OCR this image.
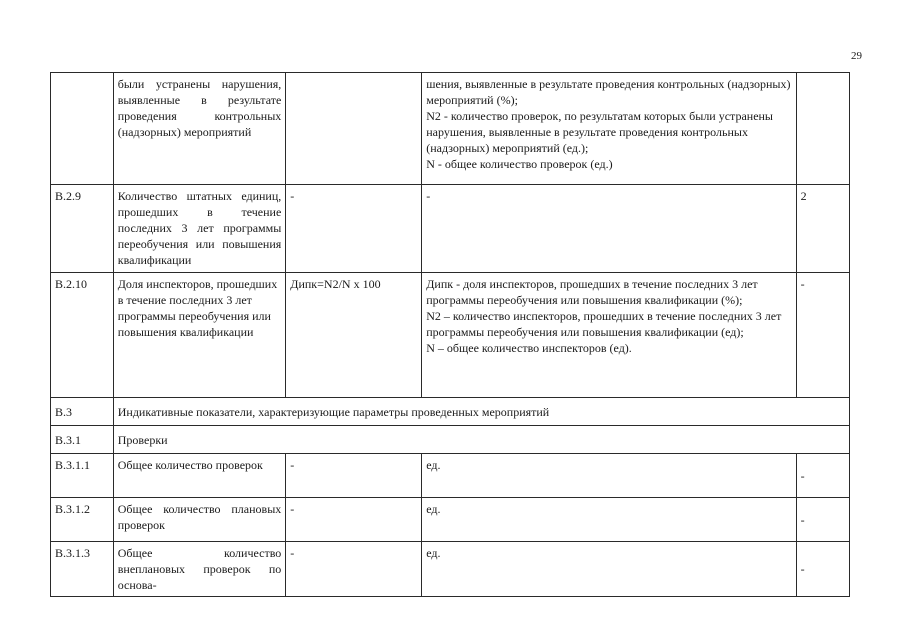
29
	были устранены нарушения, выявленные в результате проведения контрольных (надзорных) мероприятий		шения, выявленные в результате проведения контрольных (надзорных) мероприятий (%);
N2 - количество проверок, по результатам которых были устранены нарушения, выявленные в результате проведения контрольных (надзорных) мероприятий (ед.);
N - общее количество проверок (ед.)	
В.2.9	Количество штатных единиц, прошедших в течение последних 3 лет программы переобучения или повышения квалификации	-	-	2
В.2.10	Доля инспекторов, прошедших в течение последних 3 лет программы переобучения или повышения квалификации	Дипк=N2/N x 100	Дипк - доля инспекторов, прошедших в течение последних 3 лет программы переобучения или повышения квалификации (%);
N2 – количество инспекторов, прошедших в течение последних 3 лет программы переобучения или повышения квалификации (ед);
N – общее количество инспекторов (ед).	-
В.3	Индикативные показатели, характеризующие параметры проведенных мероприятий			
В.3.1	Проверки			
В.3.1.1	Общее количество проверок	-	ед.	-
В.3.1.2	Общее количество плановых проверок	-	ед.	-
В.3.1.3	Общее количество внеплановых проверок по основа-	-	ед.	-
